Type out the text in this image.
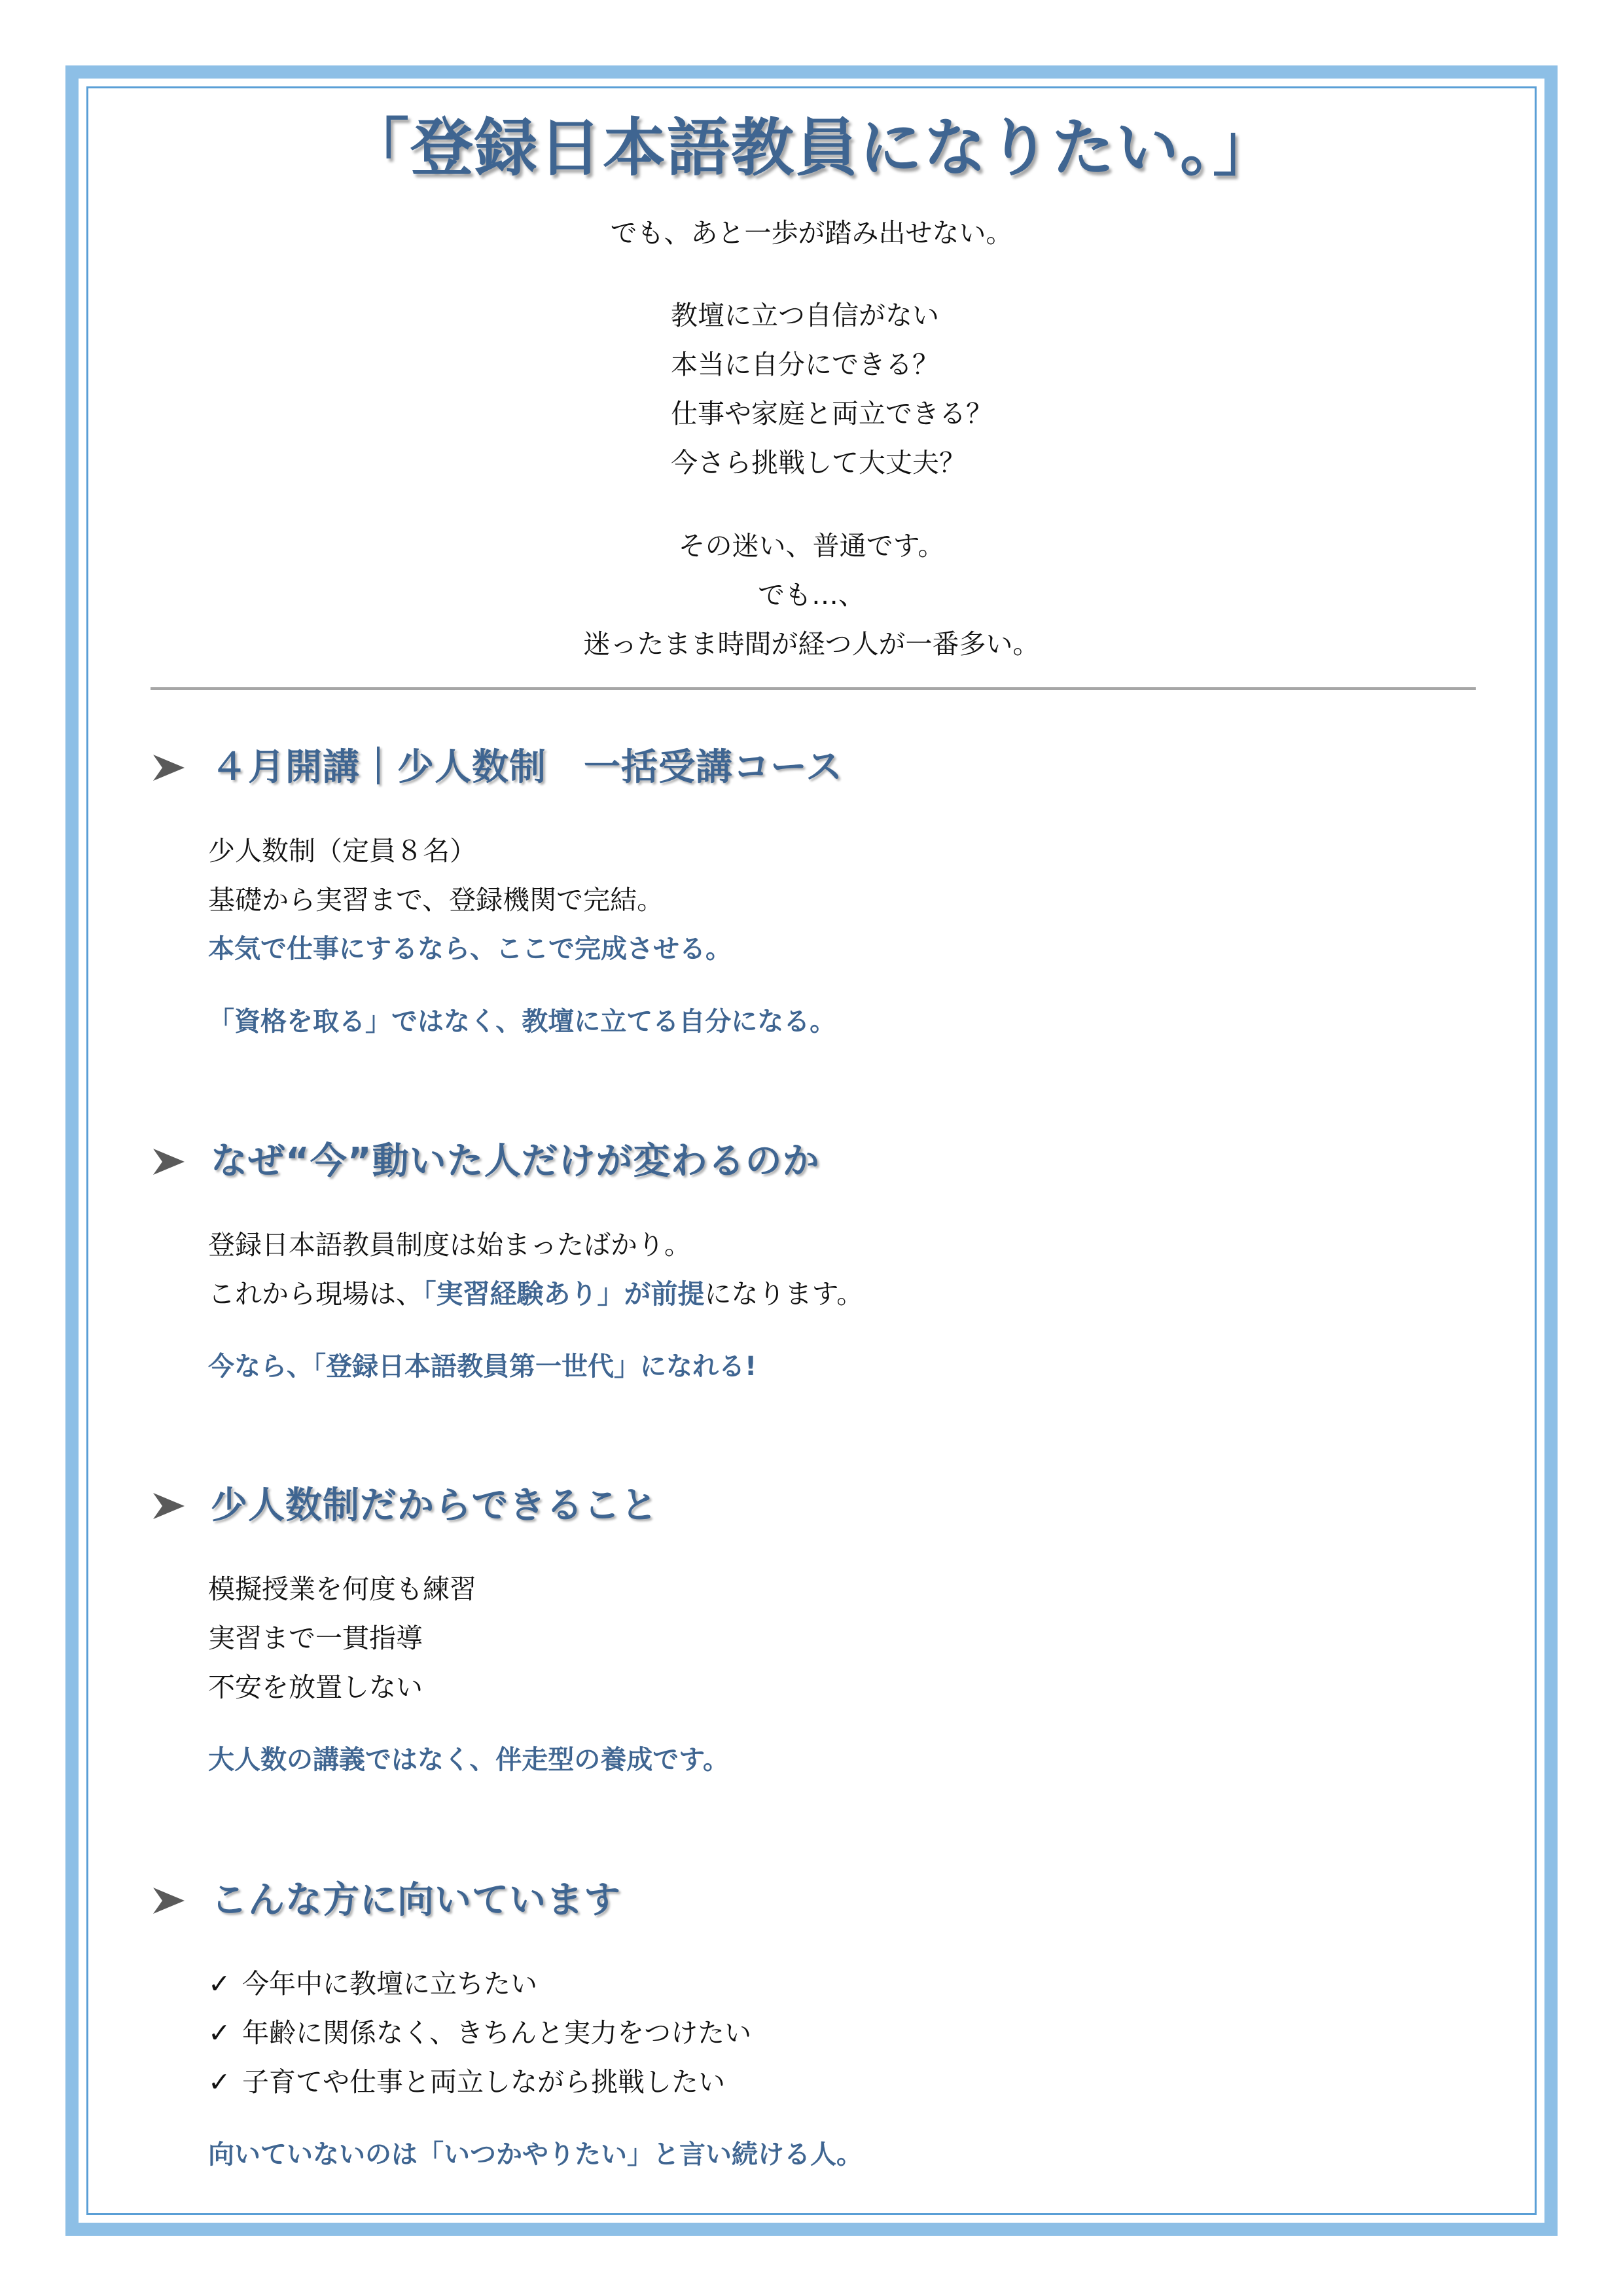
「登録日本語教員になりたい。」
でも、あと一歩が踏み出せない。
教壇に立つ自信がない
本当に自分にできる？
仕事や家庭と両立できる？
今さら挑戦して大丈夫？
その迷い、普通です。
でも…、
迷ったまま時間が経つ人が一番多い。
４月開講｜少人数制　一括受講コース
少人数制（定員８名）
基礎から実習まで、登録機関で完結。
本気で仕事にするなら、ここで完成させる。
「資格を取る」ではなく、教壇に立てる自分になる。
なぜ“今”動いた人だけが変わるのか
登録日本語教員制度は始まったばかり。
これから現場は、「実習経験あり」が前提になります。
今なら、「登録日本語教員第一世代」になれる!
少人数制だからできること
模擬授業を何度も練習
実習まで一貫指導
不安を放置しない
大人数の講義ではなく、伴走型の養成です。
こんな方に向いています
✓ 今年中に教壇に立ちたい
✓ 年齢に関係なく、きちんと実力をつけたい
✓ 子育てや仕事と両立しながら挑戦したい
向いていないのは「いつかやりたい」と言い続ける人。
